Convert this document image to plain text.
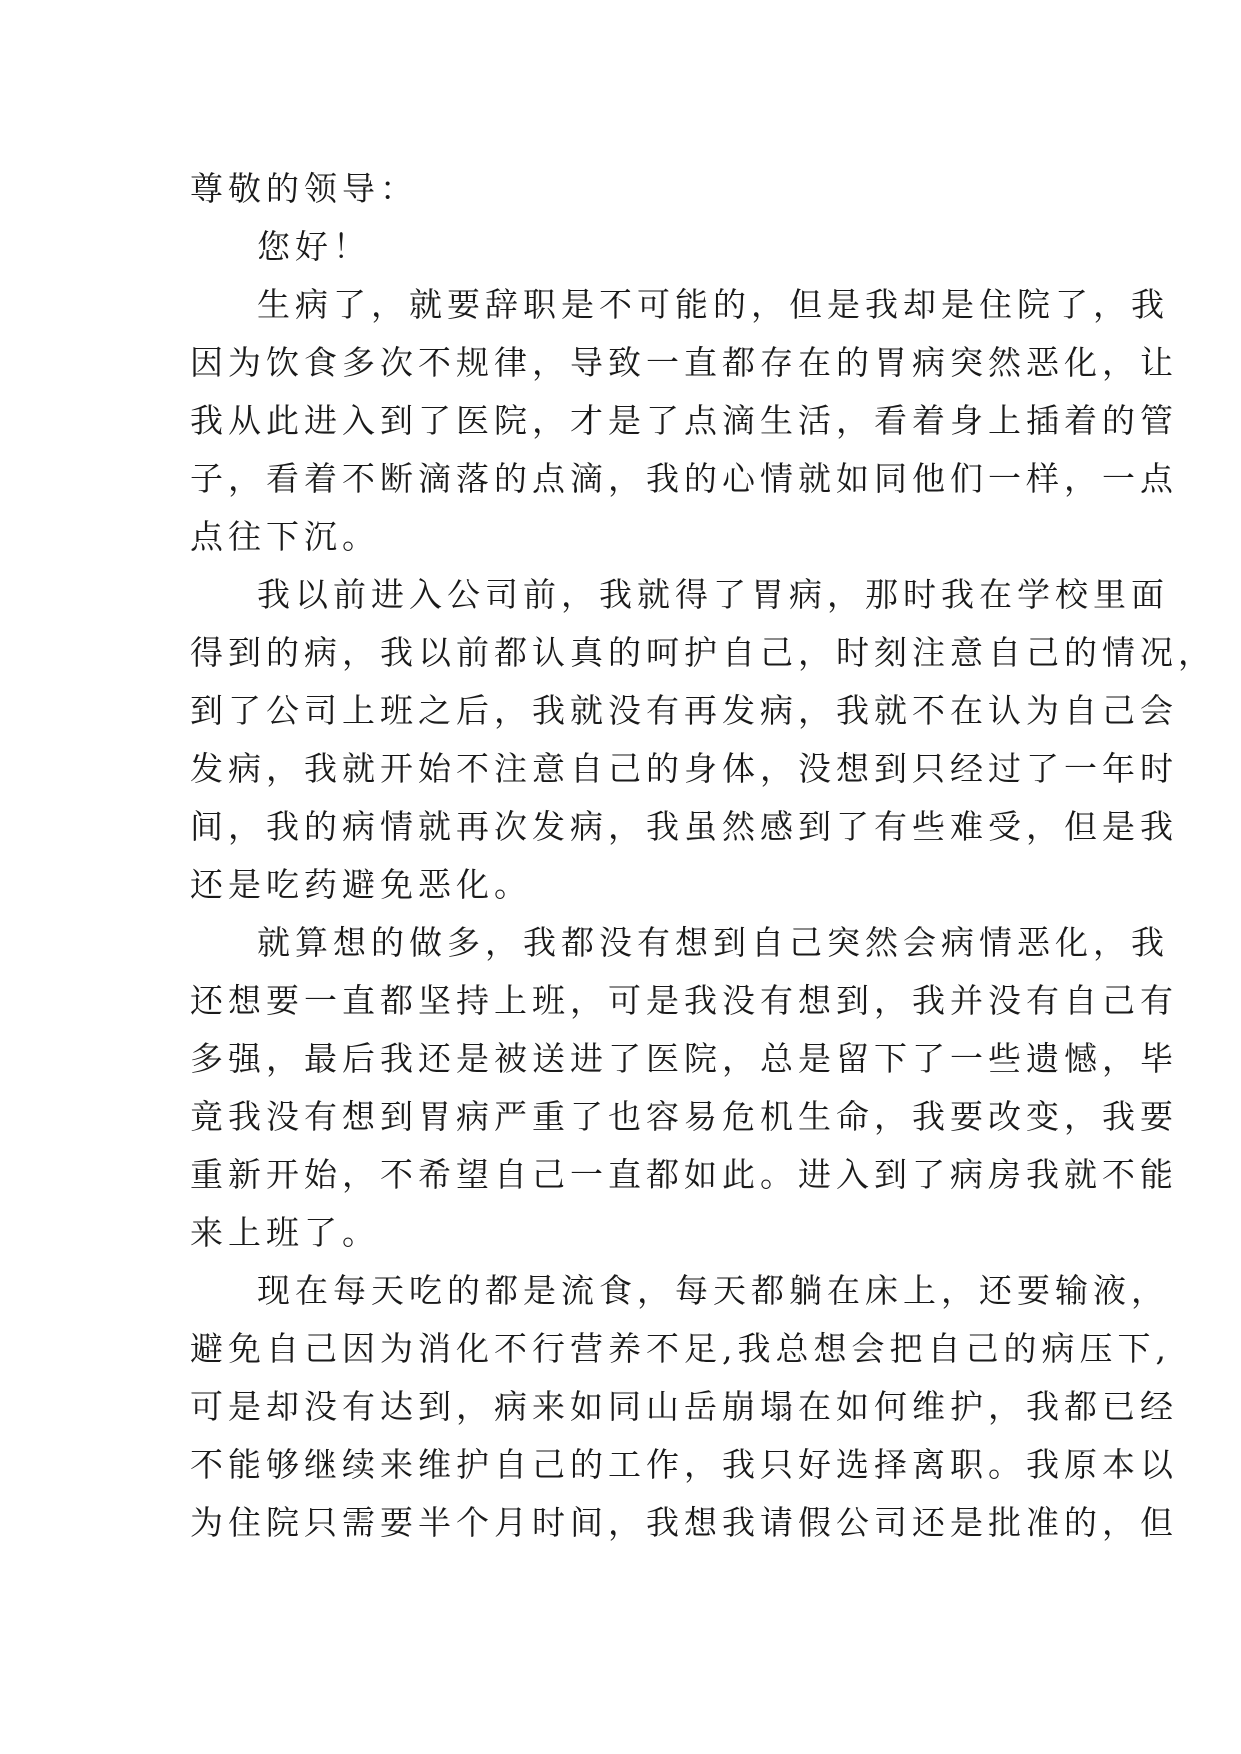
尊敬的领导：
您好！
生病了，就要辞职是不可能的，但是我却是住院了，我
因为饮食多次不规律，导致一直都存在的胃病突然恶化，让
我从此进入到了医院，才是了点滴生活，看着身上插着的管
子，看着不断滴落的点滴，我的心情就如同他们一样，一点
点往下沉。
我以前进入公司前，我就得了胃病，那时我在学校里面
得到的病，我以前都认真的呵护自己，时刻注意自己的情况，
到了公司上班之后，我就没有再发病，我就不在认为自己会
发病，我就开始不注意自己的身体，没想到只经过了一年时
间，我的病情就再次发病，我虽然感到了有些难受，但是我
还是吃药避免恶化。
就算想的做多，我都没有想到自己突然会病情恶化，我
还想要一直都坚持上班，可是我没有想到，我并没有自己有
多强，最后我还是被送进了医院，总是留下了一些遗憾，毕
竟我没有想到胃病严重了也容易危机生命，我要改变，我要
重新开始，不希望自己一直都如此。进入到了病房我就不能
来上班了。
现在每天吃的都是流食，每天都躺在床上，还要输液，
避免自己因为消化不行营养不足,我总想会把自己的病压下,
可是却没有达到，病来如同山岳崩塌在如何维护，我都已经
不能够继续来维护自己的工作，我只好选择离职。我原本以
为住院只需要半个月时间，我想我请假公司还是批准的，但
